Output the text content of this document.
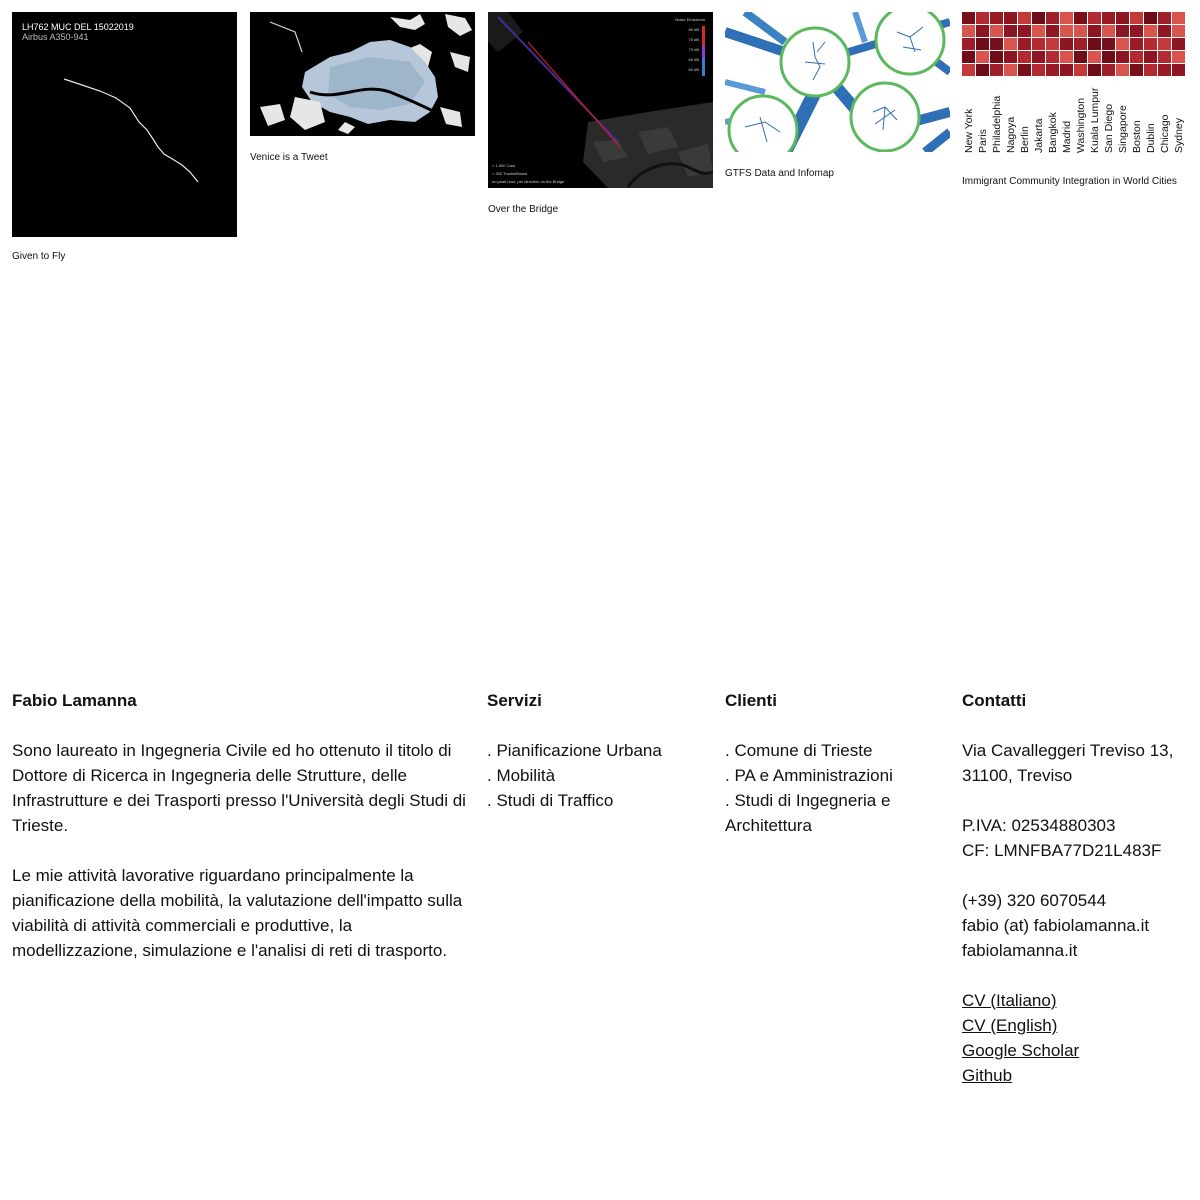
LH762 MUC DEL 15022019
Airbus A350-941
Given to Fly
Venice is a Tweet
Noise Emissions
80 dB
75 dB
70 dB
65 dB
60 dB
> 1.500 Cars
> 300 Trucks/Buses
on peak hour, per direction on the Bridge
Over the Bridge
GTFS Data and Infomap
New York Paris Philadelphia Nagoya Berlin Jakarta Bangkok Madrid Washington Kuala Lumpur San Diego Singapore Boston Dublin Chicago Sydney
Immigrant Community Integration in World Cities
Fabio Lamanna

Sono laureato in Ingegneria Civile ed ho ottenuto il titolo di Dottore di Ricerca in Ingegneria delle Strutture, delle Infrastrutture e dei Trasporti presso l'Università degli Studi di Trieste.

Le mie attività lavorative riguardano principalmente la pianificazione della mobilità, la valutazione dell'impatto sulla viabilità di attività commerciali e produttive, la modellizzazione, simulazione e l'analisi di reti di trasporto.

Servizi
. Pianificazione Urbana
. Mobilità
. Studi di Traffico
Clienti
. Comune di Trieste
. PA e Amministrazioni
. Studi di Ingegneria e Architettura
Contatti

Via Cavalleggeri Treviso 13,
31100, Treviso

P.IVA: 02534880303
CF: LMNFBA77D21L483F

(+39) 320 6070544
fabio (at) fabiolamanna.it
fabiolamanna.it

CV (Italiano)
CV (English)
Google Scholar
Github
